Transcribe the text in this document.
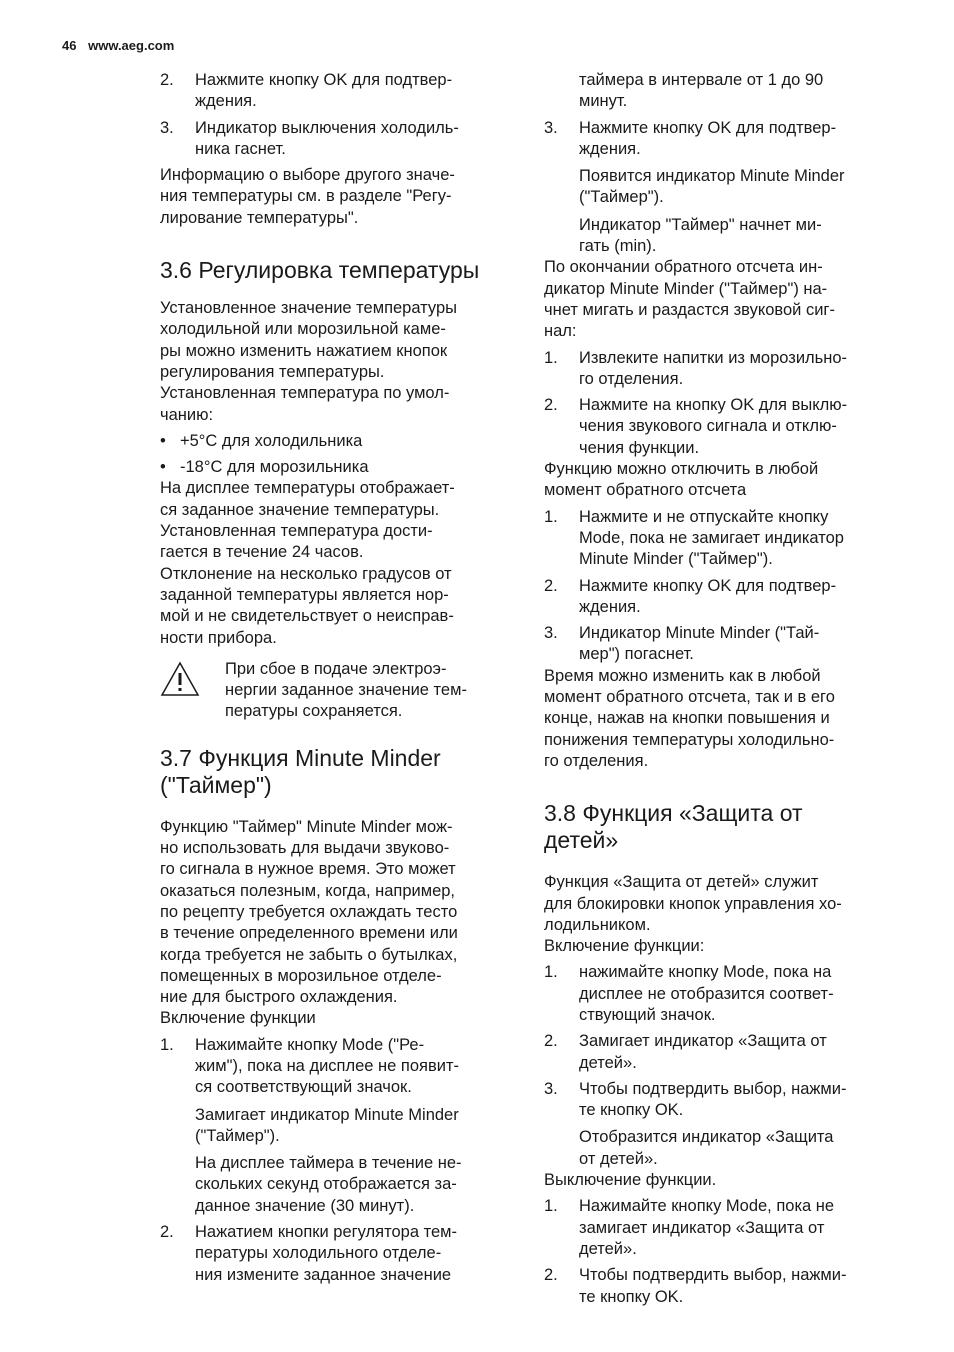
46 www.aeg.com
2. Нажмите кнопку OK для подтвер-
ждения.
3. Индикатор выключения холодиль-
ника гаснет.

Информацию о выборе другого значе-
ния температуры см. в разделе "Регу-
лирование температуры".

3.6 Регулировка температуры

Установленное значение температуры
холодильной или морозильной каме-
ры можно изменить нажатием кнопок
регулирования температуры.
Установленная температура по умол-
чанию:

• +5°C для холодильника
• -18°C для морозильника

На дисплее температуры отображает-
ся заданное значение температуры.
Установленная температура дости-
гается в течение 24 часов.
Отклонение на несколько градусов от
заданной температуры является нор-
мой и не свидетельствует о неисправ-
ности прибора.

При сбое в подаче электроэ-
нергии заданное значение тем-
пературы сохраняется.

3.7 Функция Minute Minder
("Таймер")

Функцию "Таймер" Minute Minder мож-
но использовать для выдачи звуково-
го сигнала в нужное время. Это может
оказаться полезным, когда, например,
по рецепту требуется охлаждать тесто
в течение определенного времени или
когда требуется не забыть о бутылках,
помещенных в морозильное отделе-
ние для быстрого охлаждения.
Включение функции

1. Нажимайте кнопку Mode ("Ре-
жим"), пока на дисплее не появит-
ся соответствующий значок.

Замигает индикатор Minute Minder
("Таймер").

На дисплее таймера в течение не-
скольких секунд отображается за-
данное значение (30 минут).

2. Нажатием кнопки регулятора тем-
пературы холодильного отделе-
ния измените заданное значение

таймера в интервале от 1 до 90
минут.

3. Нажмите кнопку OK для подтвер-
ждения.

Появится индикатор Minute Minder
("Таймер").

Индикатор "Таймер" начнет ми-
гать (min).

По окончании обратного отсчета ин-
дикатор Minute Minder ("Таймер") на-
чнет мигать и раздастся звуковой сиг-
нал:

1. Извлеките напитки из морозильно-
го отделения.
2. Нажмите на кнопку OK для выклю-
чения звукового сигнала и отклю-
чения функции.

Функцию можно отключить в любой
момент обратного отсчета

1. Нажмите и не отпускайте кнопку
Mode, пока не замигает индикатор
Minute Minder ("Таймер").
2. Нажмите кнопку OK для подтвер-
ждения.
3. Индикатор Minute Minder ("Тай-
мер") погаснет.

Время можно изменить как в любой
момент обратного отсчета, так и в его
конце, нажав на кнопки повышения и
понижения температуры холодильно-
го отделения.

3.8 Функция «Защита от
детей»

Функция «Защита от детей» служит
для блокировки кнопок управления хо-
лодильником.
Включение функции:

1. нажимайте кнопку Mode, пока на
дисплее не отобразится соответ-
ствующий значок.
2. Замигает индикатор «Защита от
детей».
3. Чтобы подтвердить выбор, нажми-
те кнопку OK.

Отобразится индикатор «Защита
от детей».

Выключение функции.

1. Нажимайте кнопку Mode, пока не
замигает индикатор «Защита от
детей».
2. Чтобы подтвердить выбор, нажми-
те кнопку OK.
